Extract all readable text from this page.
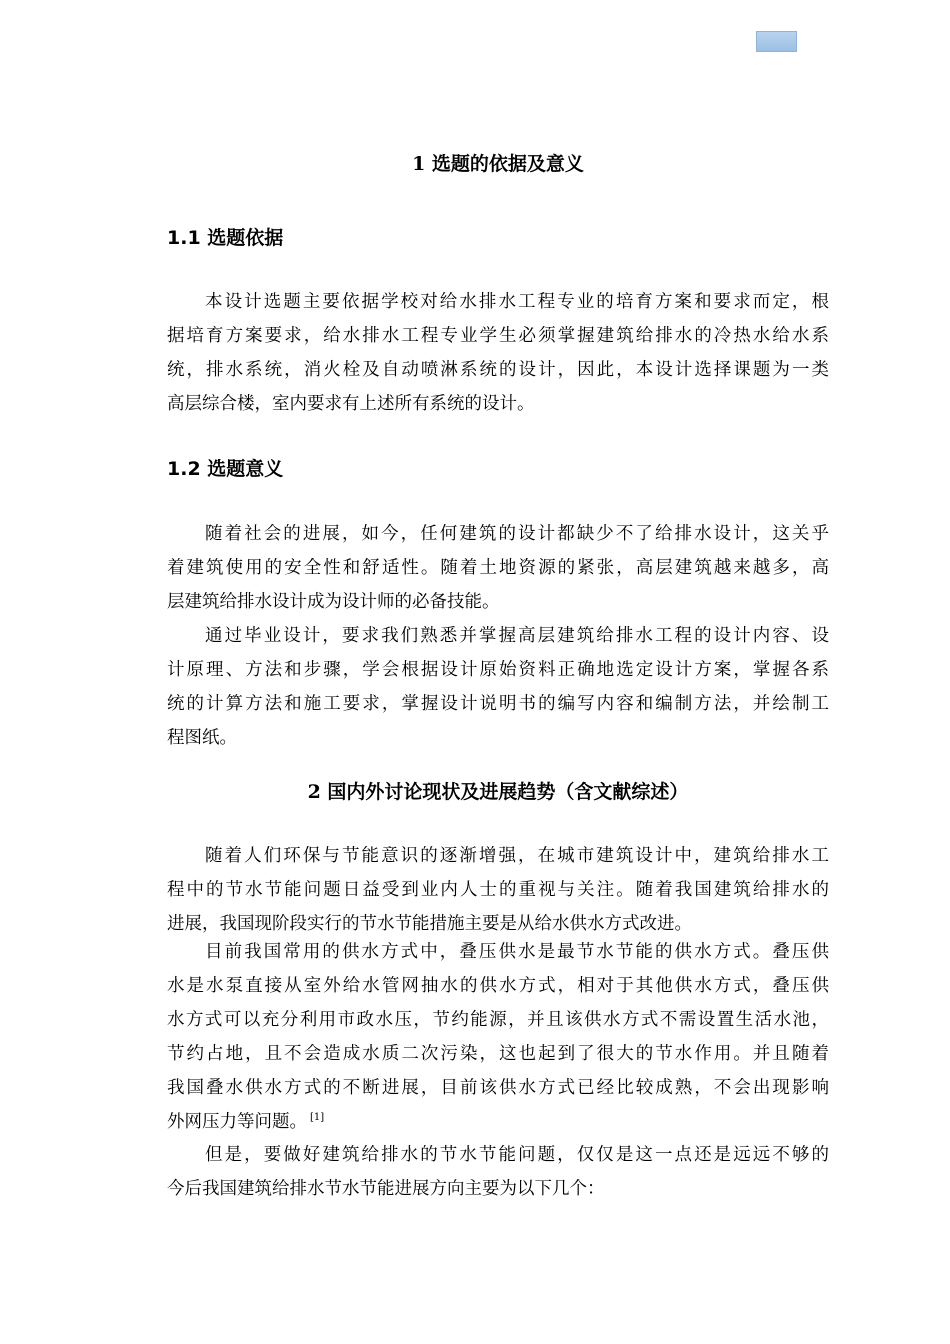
1 选题的依据及意义
1.1 选题依据
本设计选题主要依据学校对给水排水工程专业的培育方案和要求而定，根
据培育方案要求，给水排水工程专业学生必须掌握建筑给排水的冷热水给水系
统，排水系统，消火栓及自动喷淋系统的设计，因此，本设计选择课题为一类
高层综合楼，室内要求有上述所有系统的设计。
1.2 选题意义
随着社会的进展，如今，任何建筑的设计都缺少不了给排水设计，这关乎
着建筑使用的安全性和舒适性。随着土地资源的紧张，高层建筑越来越多，高
层建筑给排水设计成为设计师的必备技能。
通过毕业设计，要求我们熟悉并掌握高层建筑给排水工程的设计内容、设
计原理、方法和步骤，学会根据设计原始资料正确地选定设计方案，掌握各系
统的计算方法和施工要求，掌握设计说明书的编写内容和编制方法，并绘制工
程图纸。
2 国内外讨论现状及进展趋势（含文献综述）
随着人们环保与节能意识的逐渐增强，在城市建筑设计中，建筑给排水工
程中的节水节能问题日益受到业内人士的重视与关注。随着我国建筑给排水的
进展，我国现阶段实行的节水节能措施主要是从给水供水方式改进。
目前我国常用的供水方式中，叠压供水是最节水节能的供水方式。叠压供
水是水泵直接从室外给水管网抽水的供水方式，相对于其他供水方式，叠压供
水方式可以充分利用市政水压，节约能源，并且该供水方式不需设置生活水池，
节约占地，且不会造成水质二次污染，这也起到了很大的节水作用。并且随着
我国叠水供水方式的不断进展，目前该供水方式已经比较成熟，不会出现影响
外网压力等问题。 [1]
但是，要做好建筑给排水的节水节能问题，仅仅是这一点还是远远不够的
今后我国建筑给排水节水节能进展方向主要为以下几个：
